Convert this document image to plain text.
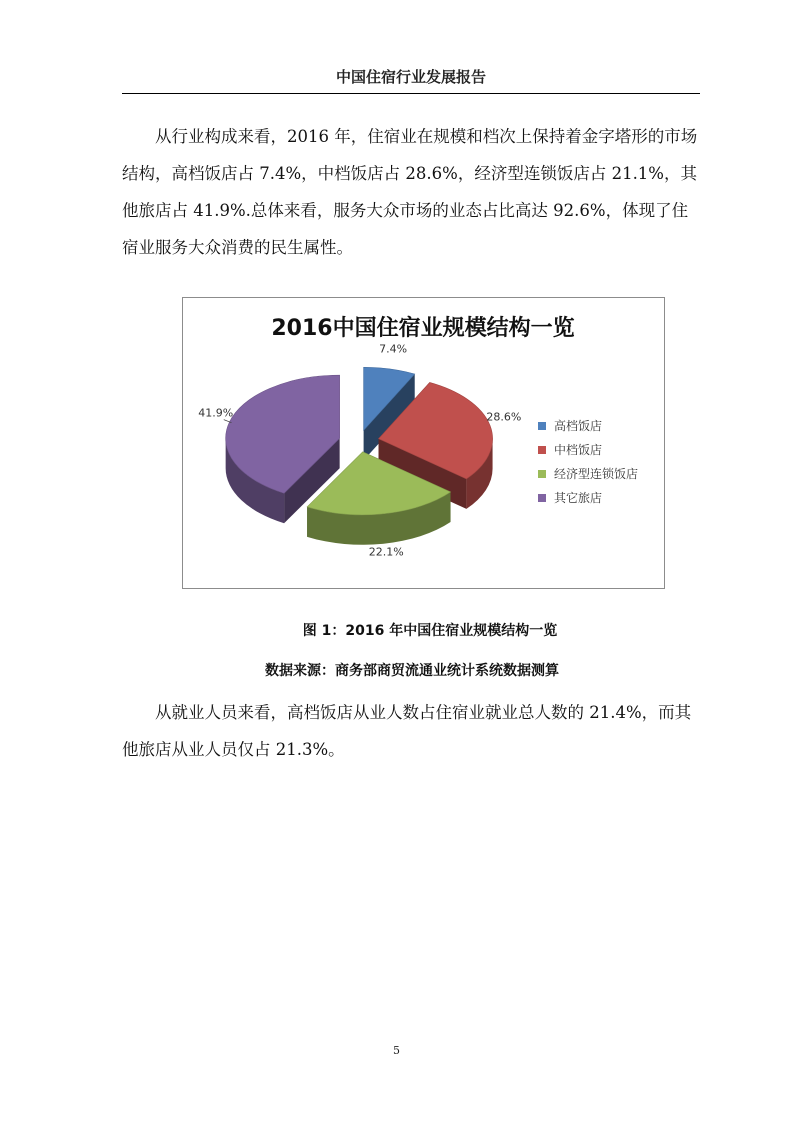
中国住宿行业发展报告

从行业构成来看，2016 年，住宿业在规模和档次上保持着金字塔形的市场结构，高档饭店占 7.4%，中档饭店占 28.6%，经济型连锁饭店占 21.1%，其他旅店占 41.9%.总体来看，服务大众市场的业态占比高达 92.6%，体现了住宿业服务大众消费的民生属性。

2016中国住宿业规模结构一览
7.4%
28.6%
22.1%
41.9%
高档饭店
中档饭店
经济型连锁饭店
其它旅店
图 1：2016 年中国住宿业规模结构一览
数据来源：商务部商贸流通业统计系统数据测算

从就业人员来看，高档饭店从业人数占住宿业就业总人数的 21.4%，而其他旅店从业人员仅占 21.3%。

5
